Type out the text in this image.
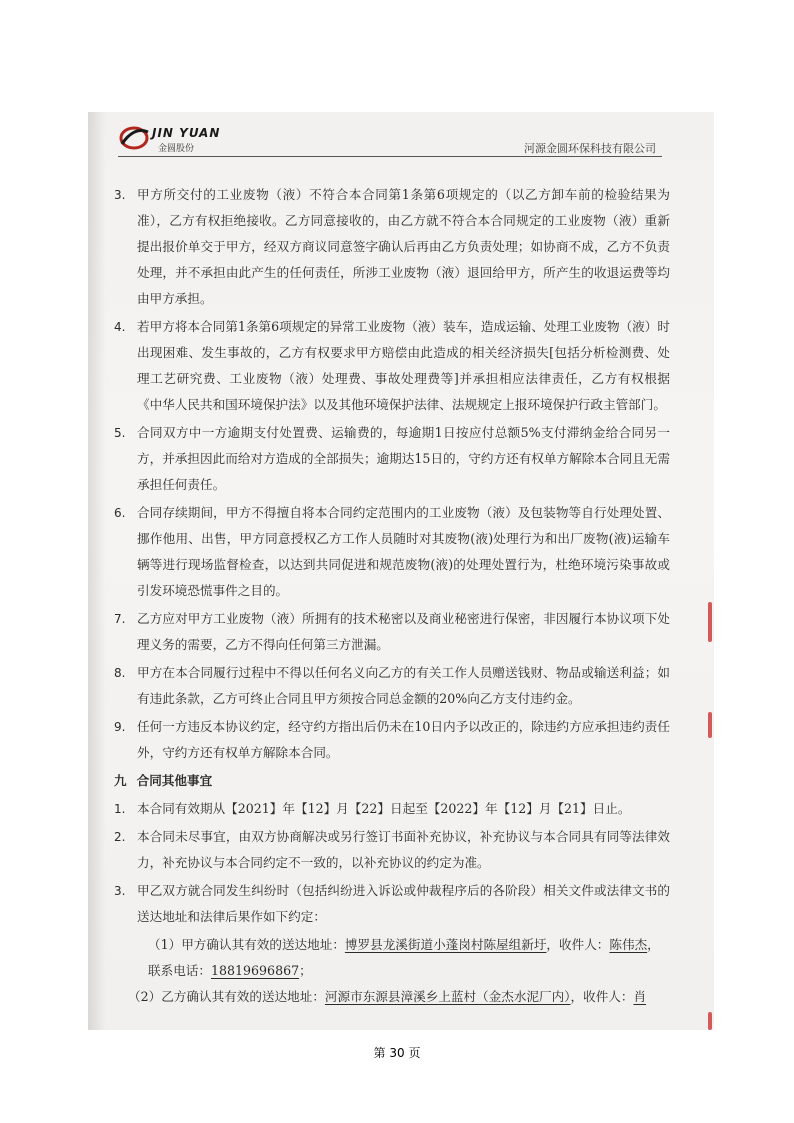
JIN YUAN
金圆股份	河源金圆环保科技有限公司
3. 甲方所交付的工业废物（液）不符合本合同第1条第6项规定的（以乙方卸车前的检验结果为准），乙方有权拒绝接收。乙方同意接收的，由乙方就不符合本合同规定的工业废物（液）重新提出报价单交于甲方，经双方商议同意签字确认后再由乙方负责处理；如协商不成，乙方不负责处理，并不承担由此产生的任何责任，所涉工业废物（液）退回给甲方，所产生的收退运费等均由甲方承担。
4. 若甲方将本合同第1条第6项规定的异常工业废物（液）装车，造成运输、处理工业废物（液）时出现困难、发生事故的，乙方有权要求甲方赔偿由此造成的相关经济损失[包括分析检测费、处理工艺研究费、工业废物（液）处理费、事故处理费等]并承担相应法律责任，乙方有权根据《中华人民共和国环境保护法》以及其他环境保护法律、法规规定上报环境保护行政主管部门。
5. 合同双方中一方逾期支付处置费、运输费的，每逾期1日按应付总额5%支付滞纳金给合同另一方，并承担因此而给对方造成的全部损失；逾期达15日的，守约方还有权单方解除本合同且无需承担任何责任。
6. 合同存续期间，甲方不得擅自将本合同约定范围内的工业废物（液）及包装物等自行处理处置、挪作他用、出售，甲方同意授权乙方工作人员随时对其废物(液)处理行为和出厂废物(液)运输车辆等进行现场监督检查，以达到共同促进和规范废物(液)的处理处置行为，杜绝环境污染事故或引发环境恐慌事件之目的。
7. 乙方应对甲方工业废物（液）所拥有的技术秘密以及商业秘密进行保密，非因履行本协议项下处理义务的需要，乙方不得向任何第三方泄漏。
8. 甲方在本合同履行过程中不得以任何名义向乙方的有关工作人员赠送钱财、物品或输送利益；如有违此条款，乙方可终止合同且甲方须按合同总金额的20%向乙方支付违约金。
9. 任何一方违反本协议约定，经守约方指出后仍未在10日内予以改正的，除违约方应承担违约责任外，守约方还有权单方解除本合同。
九 合同其他事宜
1. 本合同有效期从【2021】年【12】月【22】日起至【2022】年【12】月【21】日止。
2. 本合同未尽事宜，由双方协商解决或另行签订书面补充协议，补充协议与本合同具有同等法律效力，补充协议与本合同约定不一致的，以补充协议的约定为准。
3. 甲乙双方就合同发生纠纷时（包括纠纷进入诉讼或仲裁程序后的各阶段）相关文件或法律文书的送达地址和法律后果作如下约定：
（1）甲方确认其有效的送达地址：博罗县龙溪街道小蓬岗村陈屋组新圩，收件人：陈伟杰，联系电话：18819696867；
（2）乙方确认其有效的送达地址：河源市东源县漳溪乡上蓝村（金杰水泥厂内），收件人：肖
第 30 页
